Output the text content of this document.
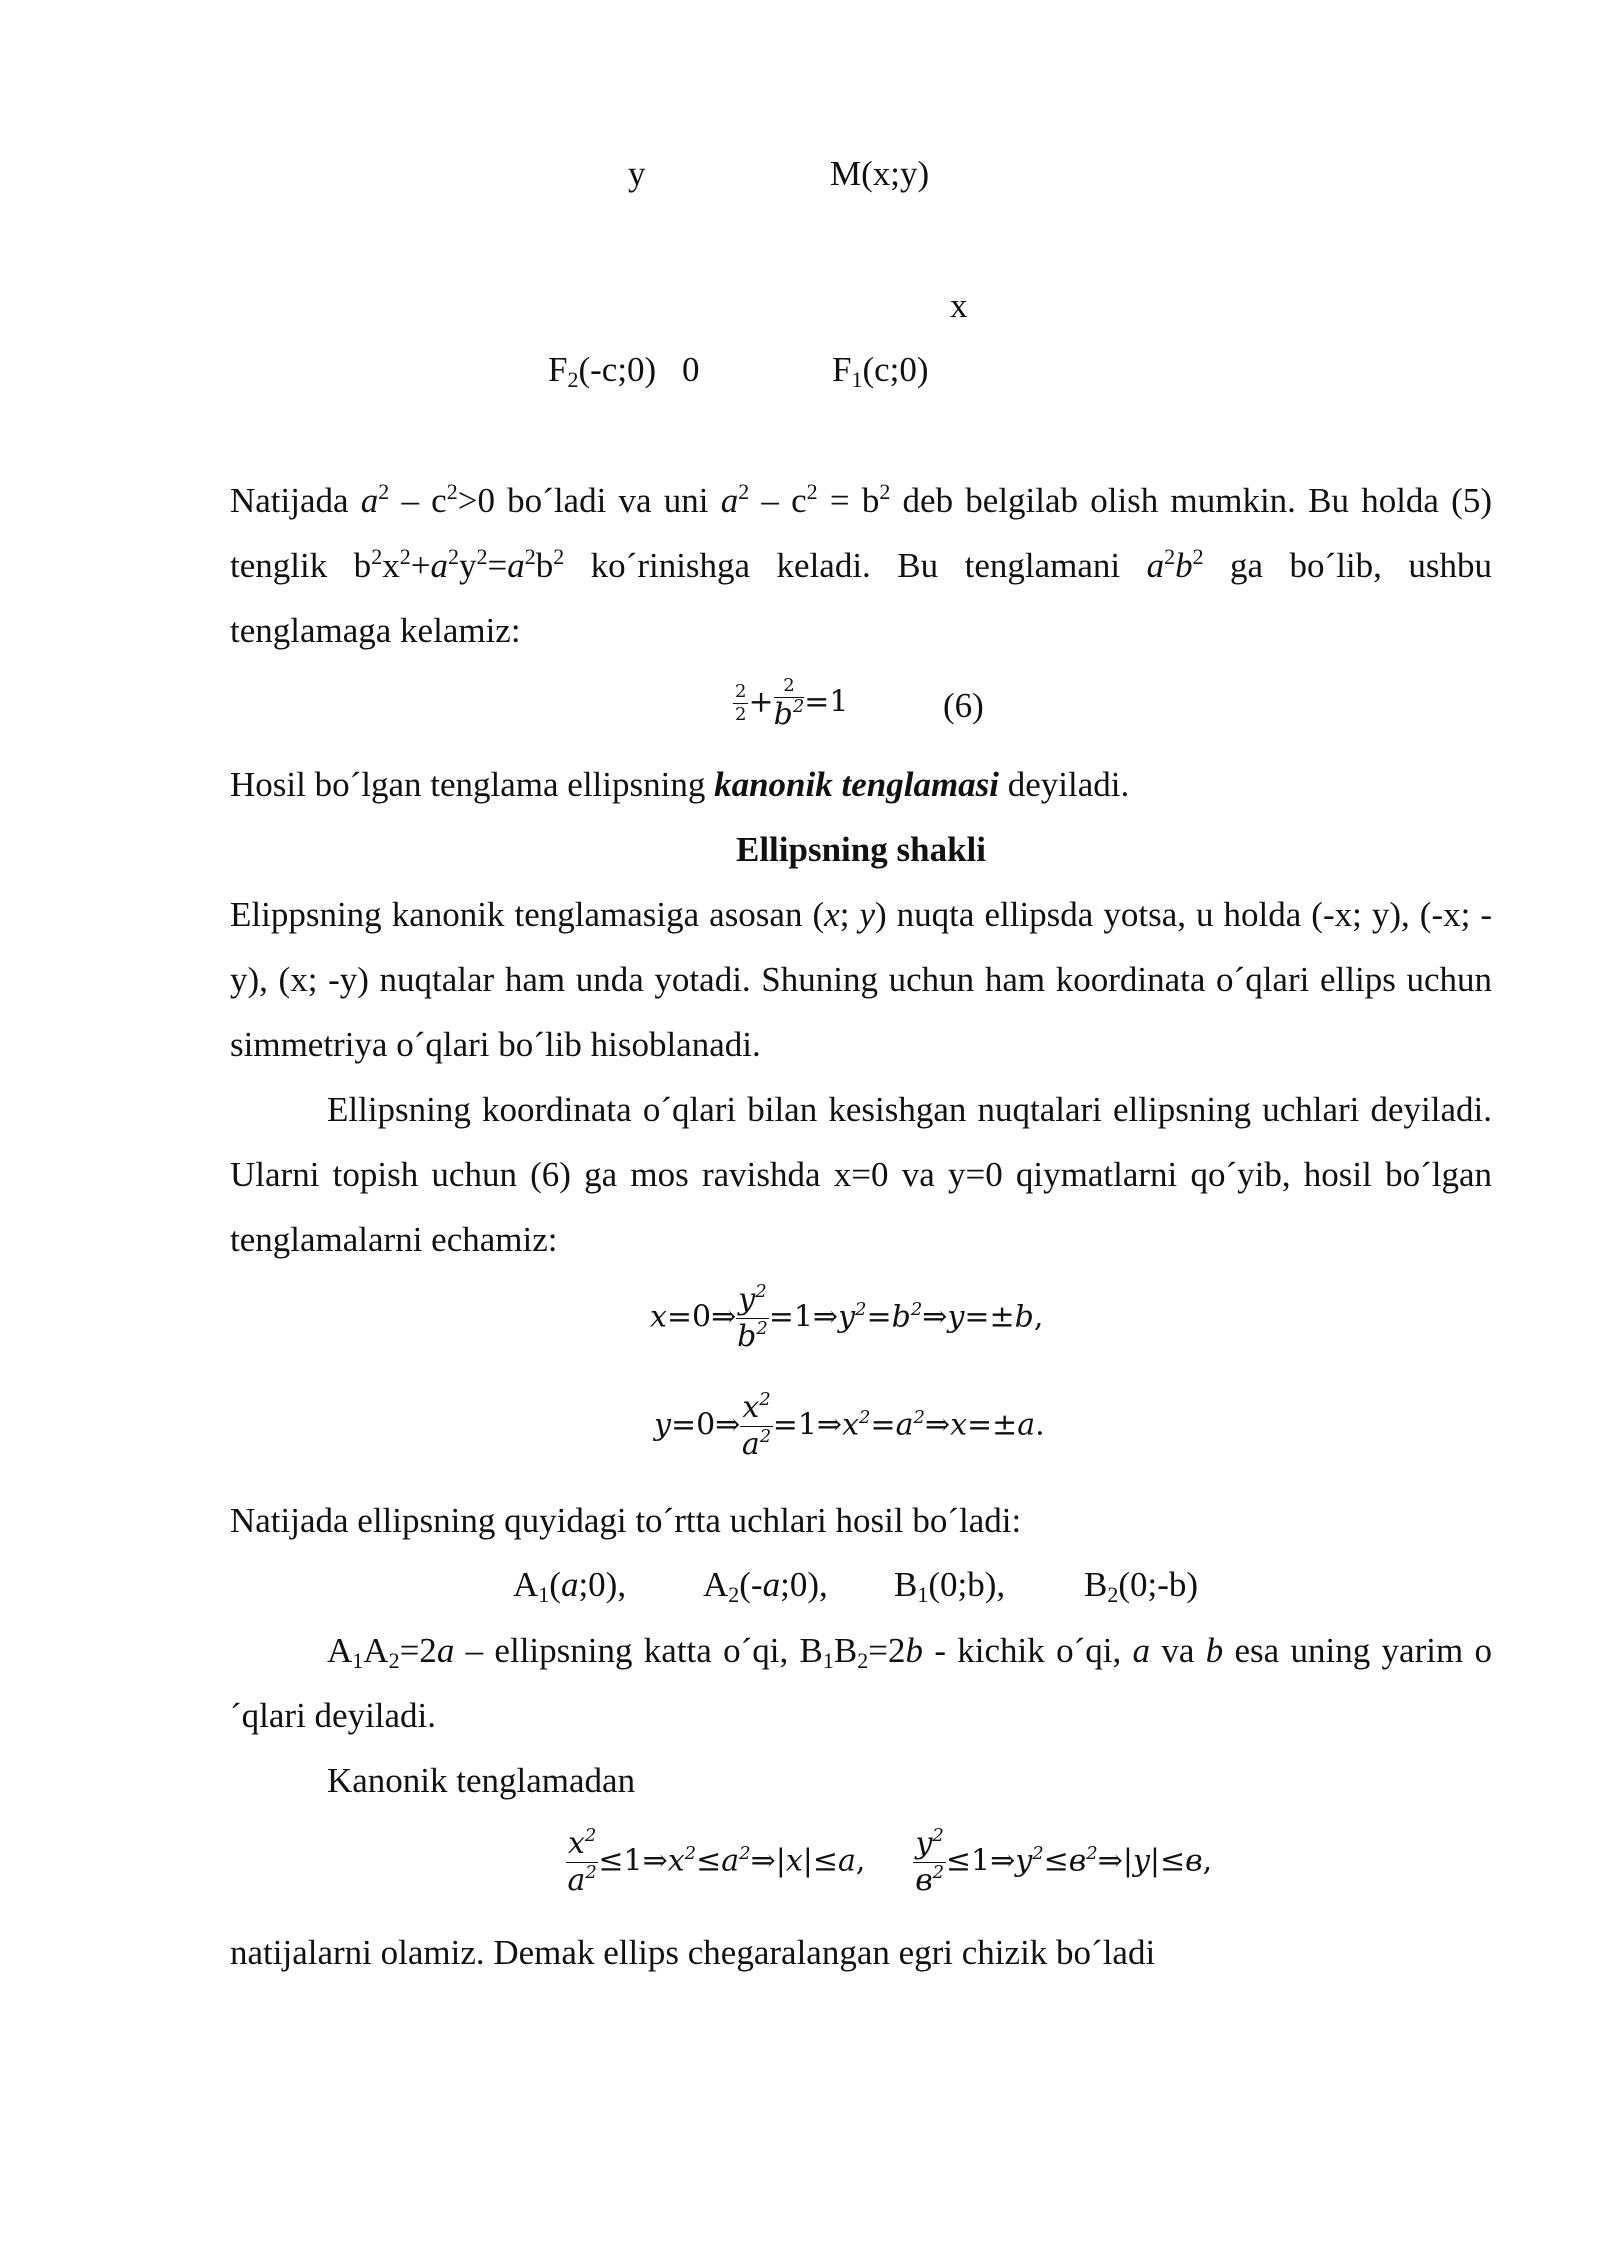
y	M(x;y)
x
$F_2(-c;0)$ 0	$F_1(c;0)$
Natijada $a^2 - c^2>0$ bo´ladi va uni $a^2 - c^2 = b^2$ deb belgilab olish mumkin. Bu holda (5) tenglik $b^2x^2+a^2y^2=a^2b^2$ ko´rinishga keladi. Bu tenglamani $a^2b^2$ ga bo´lib, ushbu tenglamaga kelamiz:
$\frac{2}{2} + \frac{2}{b^2} =1$	(6)
Hosil bo´lgan tenglama ellipsning kanonik tenglamasi deyiladi.
Ellipsning shakli
Elippsning kanonik tenglamasiga asosan (x; y) nuqta ellipsda yotsa, u holda (-x; y), (-x; -y), (x; -y) nuqtalar ham unda yotadi. Shuning uchun ham koordinata o´qlari ellips uchun simmetriya o´qlari bo´lib hisoblanadi.
Ellipsning koordinata o´qlari bilan kesishgan nuqtalari ellipsning uchlari deyiladi. Ularni topish uchun (6) ga mos ravishda x=0 va y=0 qiymatlarni qo´yib, hosil bo´lgan tenglamalarni echamiz:
x=0⇒ $\frac{y^2}{b^2}$ $=1\Rightarrow y^2=b^2\Rightarrow y=\pm b$,
y=0⇒ $\frac{x^2}{a^2}$ $=1\Rightarrow x^2=a^2\Rightarrow x=\pm a$.
Natijada ellipsning quyidagi to´rtta uchlari hosil bo´ladi:
$A_1(a;0)$, $A_2(-a;0)$, $B_1(0;b)$, $B_2(0;-b)$
$A_1A_2=2a$ – ellipsning katta o´qi, $B_1B_2=2b$ - kichik o´qi, a va b esa uning yarim o´qlari deyiladi.
Kanonik tenglamadan
$\frac{x^2}{a^2}$ $\le 1\Rightarrow x^2\le a^2\Rightarrow|x|\le a$, $\frac{y^2}{в^2}$ $\le 1\Rightarrow y^2\le в^2\Rightarrow|y|\le в$,
natijalarni olamiz. Demak ellips chegaralangan egri chizik bo´ladi
